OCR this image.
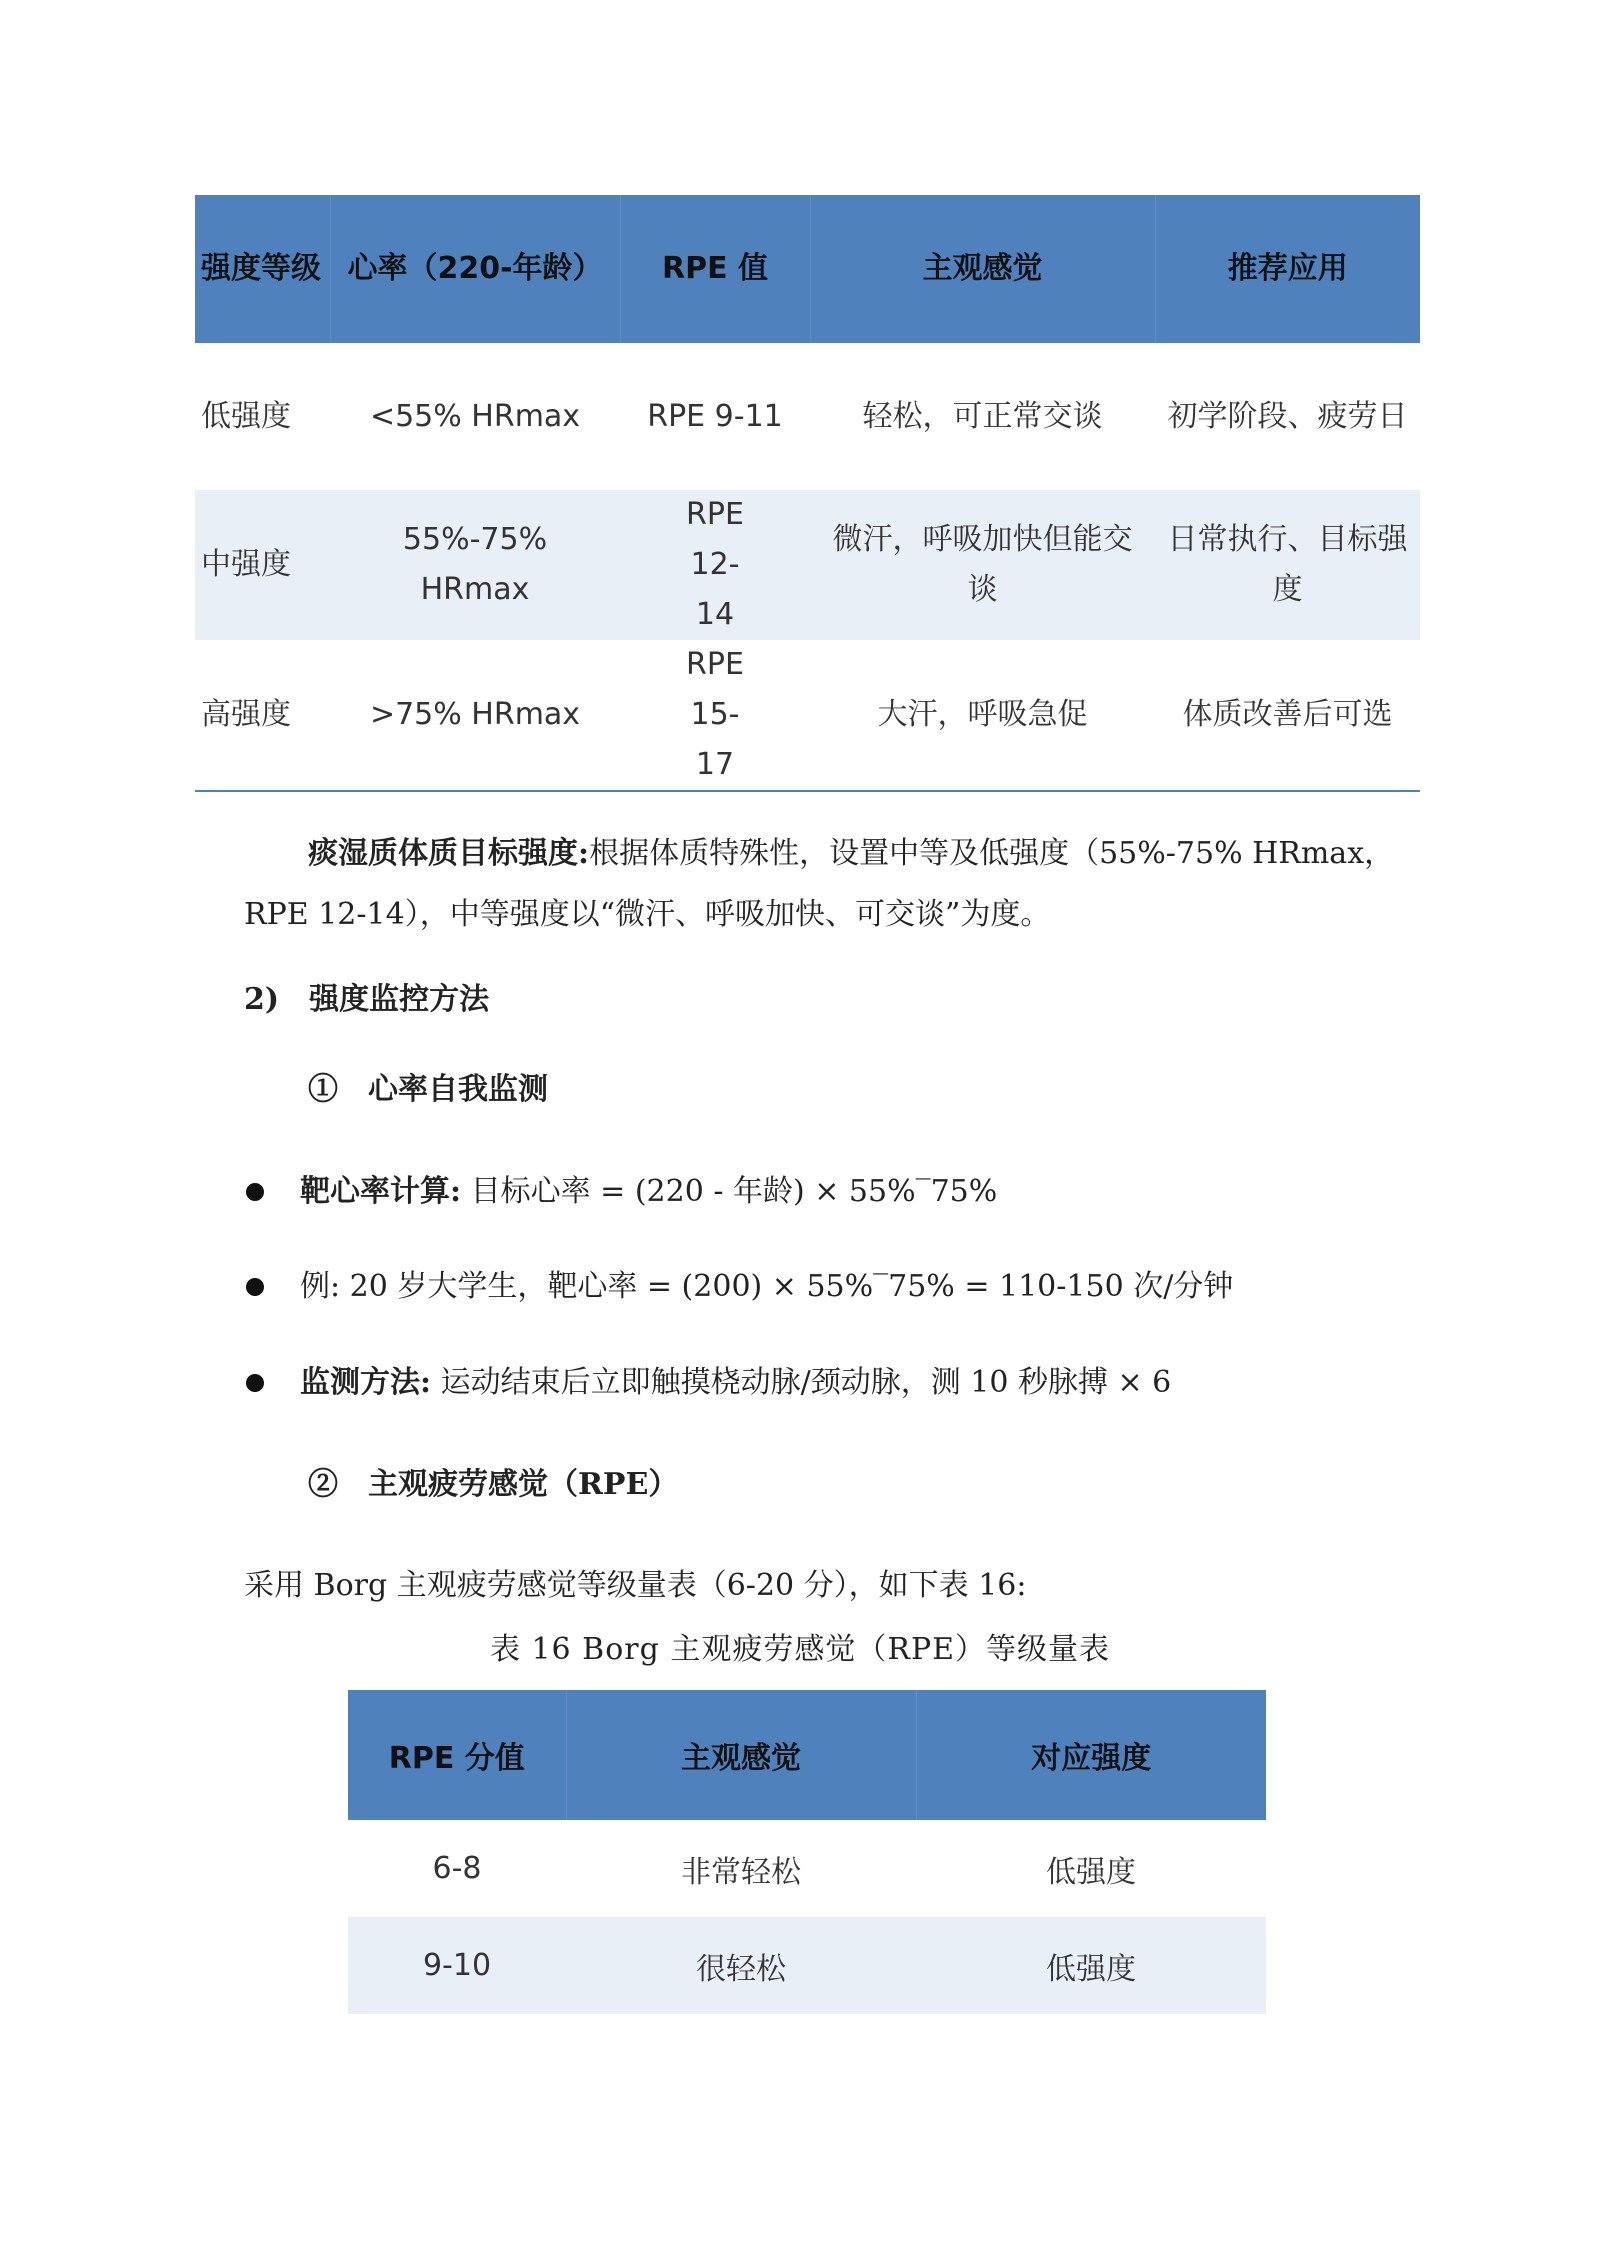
强度等级	心率（220-年龄）	RPE 值	主观感觉	推荐应用
低强度	<55% HRmax	RPE 9-11	轻松，可正常交谈	初学阶段、疲劳日
中强度	55%-75% HRmax	RPE 12-14	微汗，呼吸加快但能交谈	日常执行、目标强度
高强度	>75% HRmax	RPE 15-17	大汗，呼吸急促	体质改善后可选
痰湿质体质目标强度:根据体质特殊性，设置中等及低强度（55%-75% HRmax，
RPE 12-14），中等强度以“微汗、呼吸加快、可交谈”为度。
2)　强度监控方法
①　心率自我监测
靶心率计算: 目标心率 = (220 - 年龄) × 55%‾75%
例: 20 岁大学生，靶心率 = (200) × 55%‾75% = 110-150 次/分钟
监测方法: 运动结束后立即触摸桡动脉/颈动脉，测 10 秒脉搏 × 6
②　主观疲劳感觉（RPE）
采用 Borg 主观疲劳感觉等级量表（6-20 分），如下表 16:
表 16 Borg 主观疲劳感觉（RPE）等级量表
RPE 分值	主观感觉	对应强度
6-8	非常轻松	低强度
9-10	很轻松	低强度
